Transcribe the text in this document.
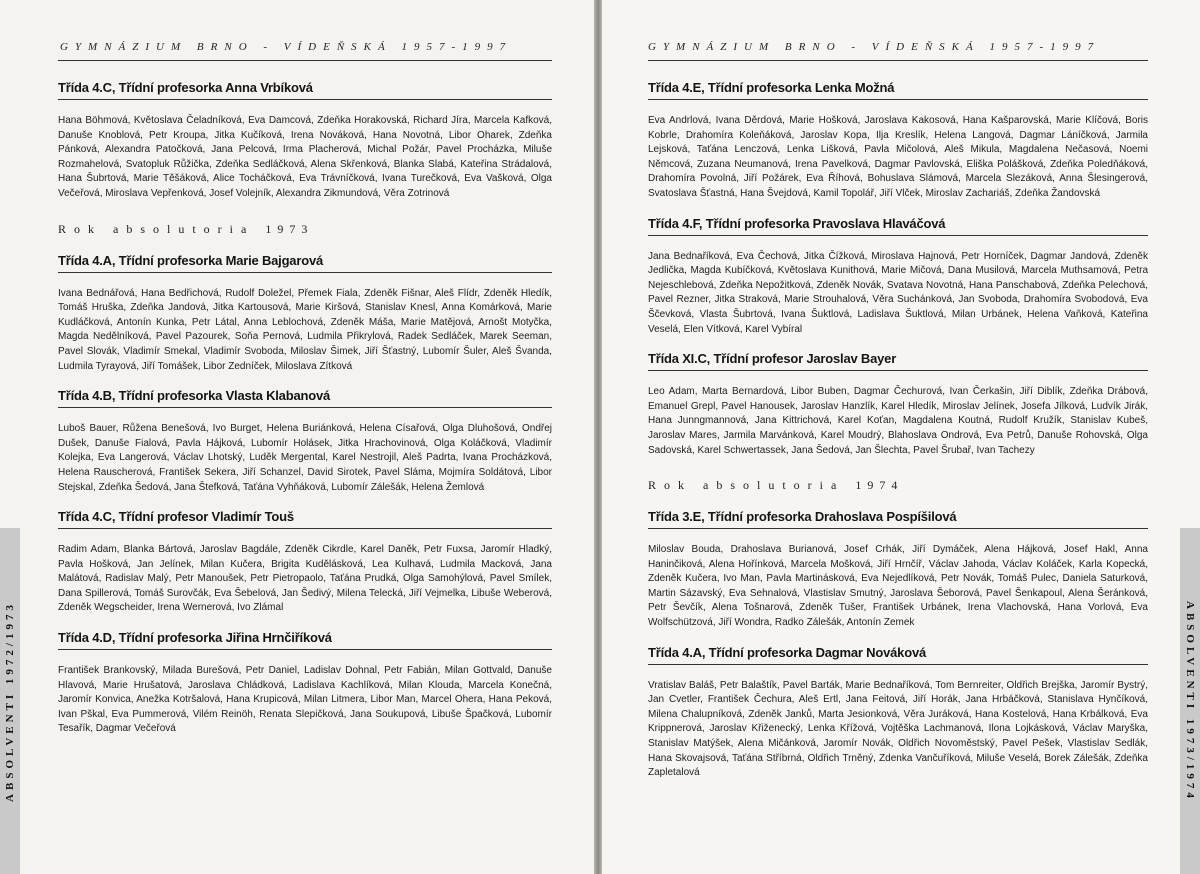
GYMNÁZIUM BRNO - VÍDEŇSKÁ 1957-1997
Třída 4.C, Třídní profesorka Anna Vrbíková

Hana Böhmová, Květoslava Čeladníková, Eva Damcová, Zdeňka Horakovská, Richard Jíra, Marcela Kafková, Danuše Knoblová, Petr Kroupa, Jitka Kučíková, Irena Nováková, Hana Novotná, Libor Oharek, Zdeňka Pánková, Alexandra Patočková, Jana Pelcová, Irma Placherová, Michal Požár, Pavel Procházka, Miluše Rozmahelová, Svatopluk Růžička, Zdeňka Sedláčková, Alena Skřenková, Blanka Slabá, Kateřina Strádalová, Hana Šubrtová, Marie Těšáková, Alice Tocháčková, Eva Trávníčková, Ivana Turečková, Eva Vašková, Olga Večeřová, Miroslava Vepřenková, Josef Volejník, Alexandra Zikmundová, Věra Zotrinová

Rok absolutoria 1973
Třída 4.A, Třídní profesorka Marie Bajgarová

Ivana Bednářová, Hana Bedřichová, Rudolf Doležel, Přemek Fiala, Zdeněk Fišnar, Aleš Flídr, Zdeněk Hledík, Tomáš Hruška, Zdeňka Jandová, Jitka Kartousová, Marie Kiršová, Stanislav Knesl, Anna Komárková, Marie Kudláčková, Antonín Kunka, Petr Látal, Anna Leblochová, Zdeněk Máša, Marie Matějová, Arnošt Motyčka, Magda Nedělníková, Pavel Pazourek, Soňa Pernová, Ludmila Přikrylová, Radek Sedláček, Marek Seeman, Pavel Slovák, Vladimír Smekal, Vladimír Svoboda, Miloslav Šimek, Jiří Šťastný, Lubomír Šuler, Aleš Švanda, Ludmila Tyrayová, Jiří Tomášek, Libor Zedníček, Miloslava Zítková

Třída 4.B, Třídní profesorka Vlasta Klabanová

Luboš Bauer, Růžena Benešová, Ivo Burget, Helena Buriánková, Helena Císařová, Olga Dluhošová, Ondřej Dušek, Danuše Fialová, Pavla Hájková, Lubomír Holásek, Jitka Hrachovinová, Olga Koláčková, Vladimír Kolejka, Eva Langerová, Václav Lhotský, Luděk Mergental, Karel Nestrojil, Aleš Padrta, Ivana Procházková, Helena Rauscherová, František Sekera, Jiří Schanzel, David Sirotek, Pavel Sláma, Mojmíra Soldátová, Libor Stejskal, Zdeňka Šedová, Jana Štefková, Taťána Vyhňáková, Lubomír Zálešák, Helena Žemlová

Třída 4.C, Třídní profesor Vladimír Touš

Radim Adam, Blanka Bártová, Jaroslav Bagdále, Zdeněk Cikrdle, Karel Daněk, Petr Fuxsa, Jaromír Hladký, Pavla Hošková, Jan Jelínek, Milan Kučera, Brigita Kudělásková, Lea Kulhavá, Ludmila Macková, Jana Malátová, Radislav Malý, Petr Manoušek, Petr Pietropaolo, Taťána Prudká, Olga Samohýlová, Pavel Smílek, Dana Spillerová, Tomáš Surovčák, Eva Šebelová, Jan Šedivý, Milena Telecká, Jiří Vejmelka, Libuše Weberová, Zdeněk Wegscheider, Irena Wernerová, Ivo Zlámal

Třída 4.D, Třídní profesorka Jiřina Hrnčiříková

František Brankovský, Milada Burešová, Petr Daniel, Ladislav Dohnal, Petr Fabián, Milan Gottvald, Danuše Hlavová, Marie Hrušatová, Jaroslava Chládková, Ladislava Kachlíková, Milan Klouda, Marcela Konečná, Jaromír Konvica, Anežka Kotršalová, Hana Krupicová, Milan Litmera, Libor Man, Marcel Ohera, Hana Peková, Ivan Pškal, Eva Pummerová, Vilém Reinöh, Renata Slepičková, Jana Soukupová, Libuše Špačková, Lubomír Tesařík, Dagmar Večeřová

ABSOLVENTI 1972/1973
GYMNÁZIUM BRNO - VÍDEŇSKÁ 1957-1997
Třída 4.E, Třídní profesorka Lenka Možná

Eva Andrlová, Ivana Děrdová, Marie Hošková, Jaroslava Kakosová, Hana Kašparovská, Marie Klíčová, Boris Kobrle, Drahomíra Koleňáková, Jaroslav Kopa, Ilja Kreslík, Helena Langová, Dagmar Láníčková, Jarmila Lejsková, Taťána Lenczová, Lenka Lišková, Pavla Mičolová, Aleš Mikula, Magdalena Nečasová, Noemi Němcová, Zuzana Neumanová, Irena Pavelková, Dagmar Pavlovská, Eliška Polášková, Zdeňka Poledňáková, Drahomíra Povolná, Jiří Požárek, Eva Říhová, Bohuslava Slámová, Marcela Slezáková, Anna Šlesingerová, Svatoslava Šťastná, Hana Švejdová, Kamil Topolář, Jiří Vlček, Miroslav Zachariáš, Zdeňka Žandovská

Třída 4.F, Třídní profesorka Pravoslava Hlaváčová

Jana Bednaříková, Eva Čechová, Jitka Čížková, Miroslava Hajnová, Petr Horníček, Dagmar Jandová, Zdeněk Jedlička, Magda Kubíčková, Květoslava Kunithová, Marie Mičová, Dana Musilová, Marcela Muthsamová, Petra Nejeschlebová, Zdeňka Nepožitková, Zdeněk Novák, Svatava Novotná, Hana Panschabová, Zdeňka Pelechová, Pavel Rezner, Jitka Straková, Marie Strouhalová, Věra Suchánková, Jan Svoboda, Drahomíra Svobodová, Eva Ščevková, Vlasta Šubrtová, Ivana Šuktlová, Ladislava Šuktlová, Milan Urbánek, Helena Vaňková, Kateřina Veselá, Elen Vítková, Karel Vybíral

Třída XI.C, Třídní profesor Jaroslav Bayer

Leo Adam, Marta Bernardová, Libor Buben, Dagmar Čechurová, Ivan Čerkašin, Jiří Diblík, Zdeňka Drábová, Emanuel Grepl, Pavel Hanousek, Jaroslav Hanzlík, Karel Hledík, Miroslav Jelínek, Josefa Jílková, Ludvík Jirák, Hana Junngmannová, Jana Kittrichová, Karel Koťan, Magdalena Koutná, Rudolf Kružík, Stanislav Kubeš, Jaroslav Mares, Jarmila Marvánková, Karel Moudrý, Blahoslava Ondrová, Eva Petrů, Danuše Rohovská, Olga Sadovská, Karel Schwertassek, Jana Šedová, Jan Šlechta, Pavel Šrubař, Ivan Tachezy

Rok absolutoria 1974
Třída 3.E, Třídní profesorka Drahoslava Pospíšilová

Miloslav Bouda, Drahoslava Burianová, Josef Crhák, Jiří Dymáček, Alena Hájková, Josef Hakl, Anna Haninčiková, Alena Hořínková, Marcela Mošková, Jiří Hrnčíř, Václav Jahoda, Václav Koláček, Karla Kopecká, Zdeněk Kučera, Ivo Man, Pavla Martinásková, Eva Nejedlíková, Petr Novák, Tomáš Pulec, Daniela Saturková, Martin Sázavský, Eva Sehnalová, Vlastislav Smutný, Jaroslava Šeborová, Pavel Šenkapoul, Alena Šeránková, Petr Ševčík, Alena Tošnarová, Zdeněk Tušer, František Urbánek, Irena Vlachovská, Hana Vorlová, Eva Wolfschützová, Jiří Wondra, Radko Zálešák, Antonín Zemek

Třída 4.A, Třídní profesorka Dagmar Nováková

Vratislav Baláš, Petr Balaštík, Pavel Barták, Marie Bednaříková, Tom Bernreiter, Oldřich Brejška, Jaromír Bystrý, Jan Cvetler, František Čechura, Aleš Ertl, Jana Feitová, Jiří Horák, Jana Hrbáčková, Stanislava Hynčíková, Milena Chalupníková, Zdeněk Janků, Marta Jesionková, Věra Juráková, Hana Kostelová, Hana Krbálková, Eva Krippnerová, Jaroslav Křiženecký, Lenka Křížová, Vojtěška Lachmanová, Ilona Lojkásková, Václav Maryška, Stanislav Matýšek, Alena Mičánková, Jaromír Novák, Oldřich Novoměstský, Pavel Pešek, Vlastislav Sedlák, Hana Skovajsová, Taťána Stříbrná, Oldřich Trněný, Zdenka Vančuříková, Miluše Veselá, Borek Zálešák, Zdeňka Zapletalová	ABSOLVENTI 1973/1974
